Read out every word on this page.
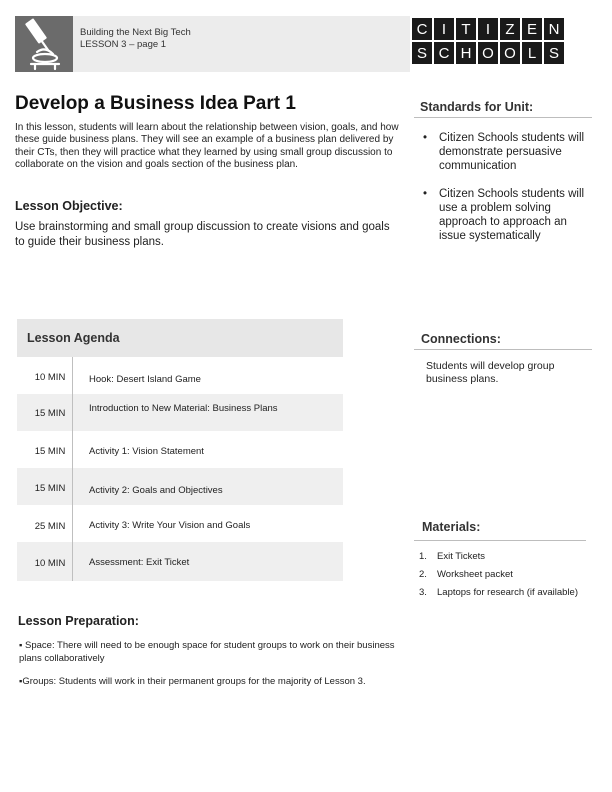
Building the Next Big Tech
LESSON 3 – page 1
C I	T	I	Z E N
S C H O O L S
Develop a Business Idea Part 1
In this lesson, students will learn about the relationship between vision, goals, and how these guide business plans. They will see an example of a business plan delivered by their CTs, then they will practice what they learned by using small group discussion to collaborate on the vision and goals section of the business plan.
Lesson Objective:
Use brainstorming and small group discussion to create visions and goals to guide their business plans.
Standards for Unit:
• Citizen Schools students will demonstrate persuasive communication
• Citizen Schools students will use a problem solving approach to approach an issue systematically
Connections:
Students will develop group business plans.
Materials:
1.	Exit Tickets
2.	Worksheet packet
3.	Laptops for research (if available)
Lesson Agenda
10 MIN	Hook: Desert Island Game
15 MIN	Introduction to New Material: Business Plans
15 MIN	Activity 1: Vision Statement
15 MIN	Activity 2: Goals and Objectives
25 MIN	Activity 3: Write Your Vision and Goals
10 MIN	Assessment: Exit Ticket
Lesson Preparation:
▪ Space: There will need to be enough space for student groups to work on their business plans collaboratively
▪Groups: Students will work in their permanent groups for the majority of Lesson 3.
